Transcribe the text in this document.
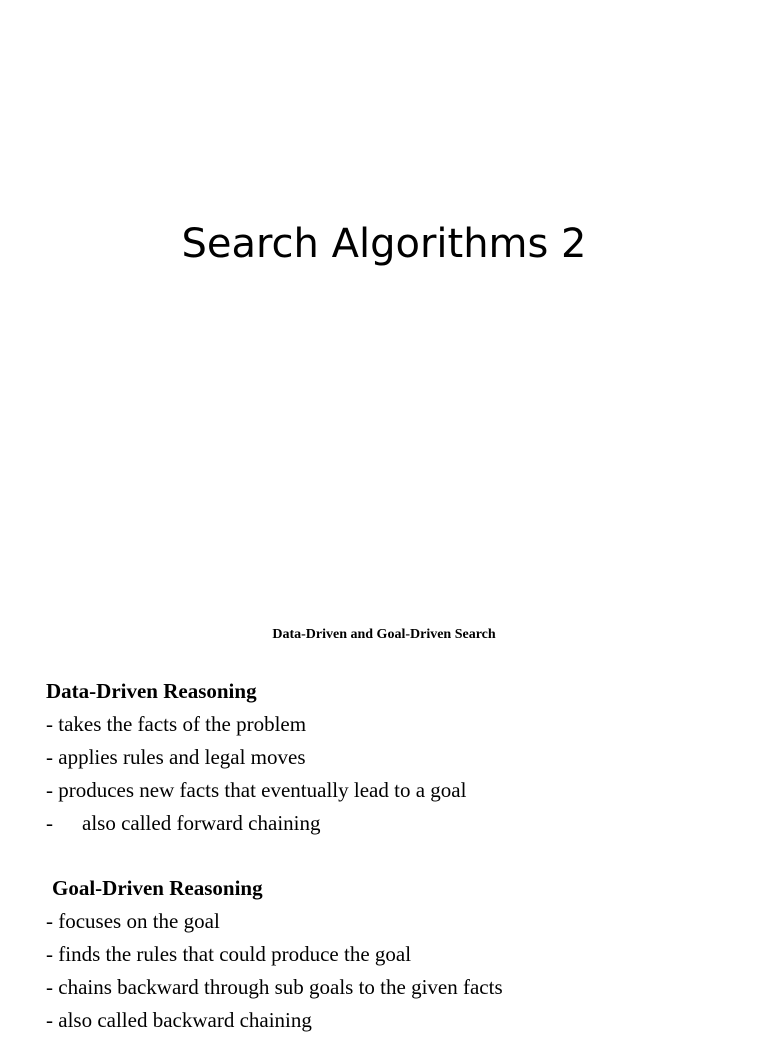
Search Algorithms 2
Data-Driven and Goal-Driven Search
Data-Driven Reasoning
- takes the facts of the problem
- applies rules and legal moves
- produces new facts that eventually lead to a goal
- also called forward chaining
Goal-Driven Reasoning
- focuses on the goal
- finds the rules that could produce the goal
- chains backward through sub goals to the given facts
- also called backward chaining
